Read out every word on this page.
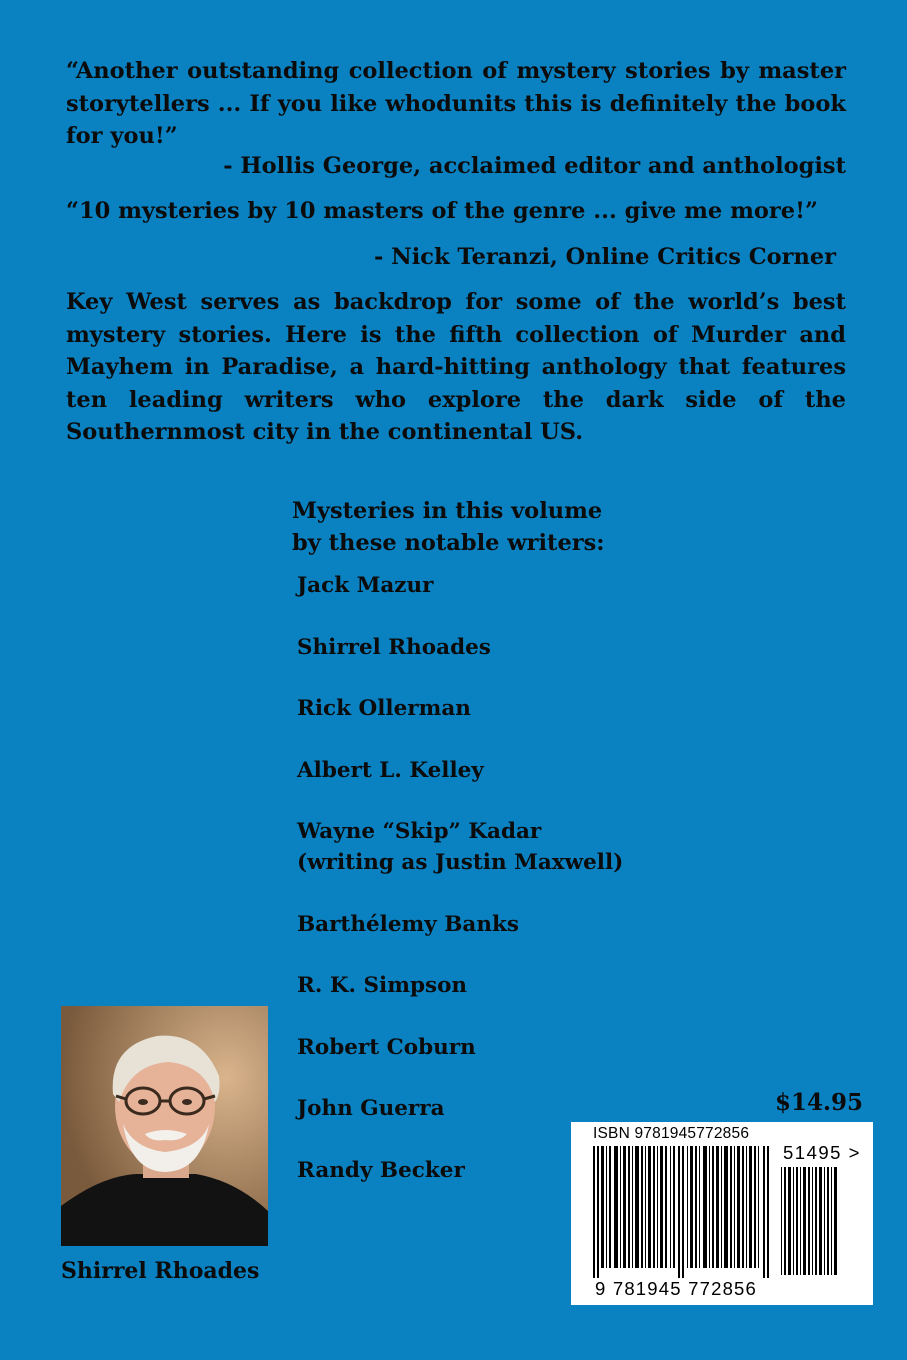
“Another outstanding collection of mystery stories by master storytellers ... If you like whodunits this is definitely the book for you!”

- Hollis George, acclaimed editor and anthologist

“10 mysteries by 10 masters of the genre ... give me more!”

- Nick Teranzi, Online Critics Corner

Key West serves as backdrop for some of the world’s best mystery stories. Here is the fifth collection of Murder and Mayhem in Paradise, a hard-hitting anthology that features ten leading writers who explore the dark side of the Southernmost city in the continental US.

Mysteries in this volume
by these notable writers:
Jack Mazur
Shirrel Rhoades
Rick Ollerman
Albert L. Kelley
Wayne “Skip” Kadar
(writing as Justin Maxwell)
Barthélemy Banks
R. K. Simpson
Robert Coburn
John Guerra
Randy Becker

Shirrel Rhoades

$14.95

ISBN 9781945772856

51495 >

9 781945 772856
